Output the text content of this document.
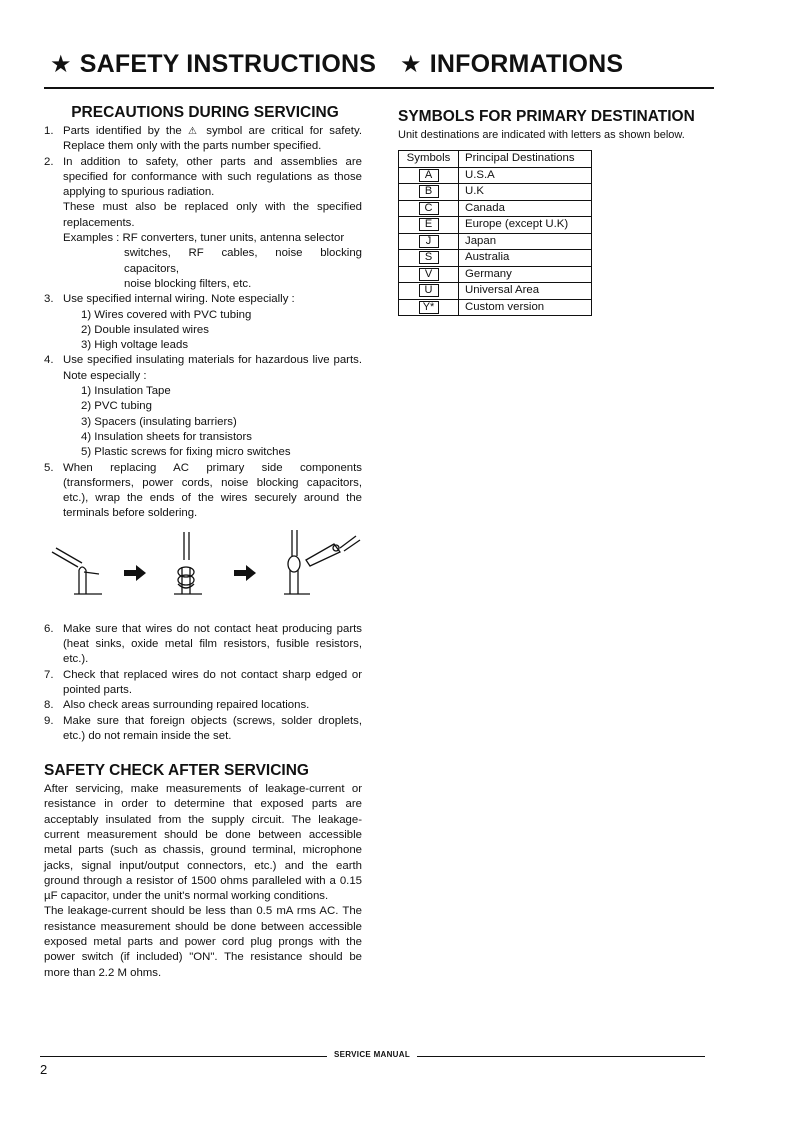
★ SAFETY INSTRUCTIONS ★ INFORMATIONS
PRECAUTIONS DURING SERVICING
1. Parts identified by the ⚠ symbol are critical for safety. Replace them only with the parts number specified.
2. In addition to safety, other parts and assemblies are specified for conformance with such regulations as those applying to spurious radiation.
These must also be replaced only with the specified replacements.
Examples :
RF converters, tuner units, antenna selector
switches, RF cables, noise blocking capacitors,
noise blocking filters, etc.
3. Use specified internal wiring. Note especially :
1) Wires covered with PVC tubing
2) Double insulated wires
3) High voltage leads
4. Use specified insulating materials for hazardous live parts. Note especially :
1) Insulation Tape
2) PVC tubing
3) Spacers (insulating barriers)
4) Insulation sheets for transistors
5) Plastic screws for fixing micro switches
5. When replacing AC primary side components (transformers, power cords, noise blocking capacitors, etc.), wrap the ends of the wires securely around the terminals before soldering.
6. Make sure that wires do not contact heat producing parts (heat sinks, oxide metal film resistors, fusible resistors, etc.).
7. Check that replaced wires do not contact sharp edged or pointed parts.
8. Also check areas surrounding repaired locations.
9. Make sure that foreign objects (screws, solder droplets, etc.) do not remain inside the set.
SAFETY CHECK AFTER SERVICING

After servicing, make measurements of leakage-current or resistance in order to determine that exposed parts are acceptably insulated from the supply circuit. The leakage-current measurement should be done between accessible metal parts (such as chassis, ground terminal, microphone jacks, signal input/output connectors, etc.) and the earth ground through a resistor of 1500 ohms paralleled with a 0.15 µF capacitor, under the unit's normal working conditions.

The leakage-current should be less than 0.5 mA rms AC. The resistance measurement should be done between accessible exposed metal parts and power cord plug prongs with the power switch (if included) "ON". The resistance should be more than 2.2 M ohms.

SYMBOLS FOR PRIMARY DESTINATION

Unit destinations are indicated with letters as shown below.

Symbols	Principal Destinations
A	U.S.A
B	U.K
C	Canada
E	Europe (except U.K)
J	Japan
S	Australia
V	Germany
U	Universal Area
Y*	Custom version
SERVICE MANUAL
2
